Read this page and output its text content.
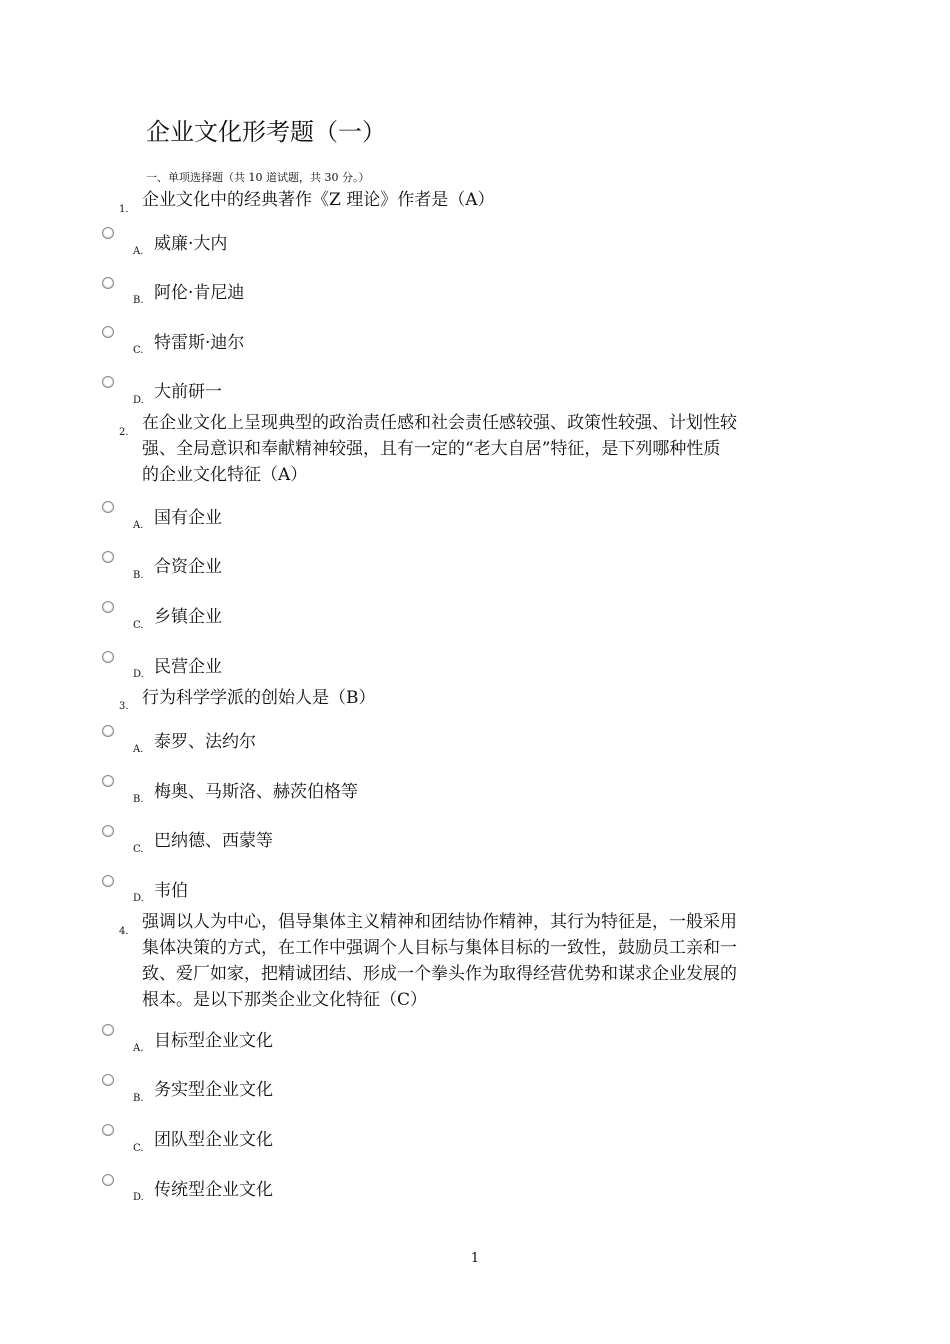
企业文化形考题（一）
一、单项选择题（共 10 道试题，共 30 分。）
1. 企业文化中的经典著作《Z 理论》作者是（A）
A. 威廉·大内
B. 阿伦·肯尼迪
C. 特雷斯·迪尔
D. 大前研一
2. 在企业文化上呈现典型的政治责任感和社会责任感较强、政策性较强、计划性较
强、全局意识和奉献精神较强，且有一定的“老大自居”特征，是下列哪种性质
的企业文化特征（A）
A. 国有企业
B. 合资企业
C. 乡镇企业
D. 民营企业
3. 行为科学学派的创始人是（B）
A. 泰罗、法约尔
B. 梅奥、马斯洛、赫茨伯格等
C. 巴纳德、西蒙等
D. 韦伯
4. 强调以人为中心，倡导集体主义精神和团结协作精神，其行为特征是，一般采用
集体决策的方式，在工作中强调个人目标与集体目标的一致性，鼓励员工亲和一
致、爱厂如家，把精诚团结、形成一个拳头作为取得经营优势和谋求企业发展的
根本。是以下那类企业文化特征（C）
A. 目标型企业文化
B. 务实型企业文化
C. 团队型企业文化
D. 传统型企业文化
1
